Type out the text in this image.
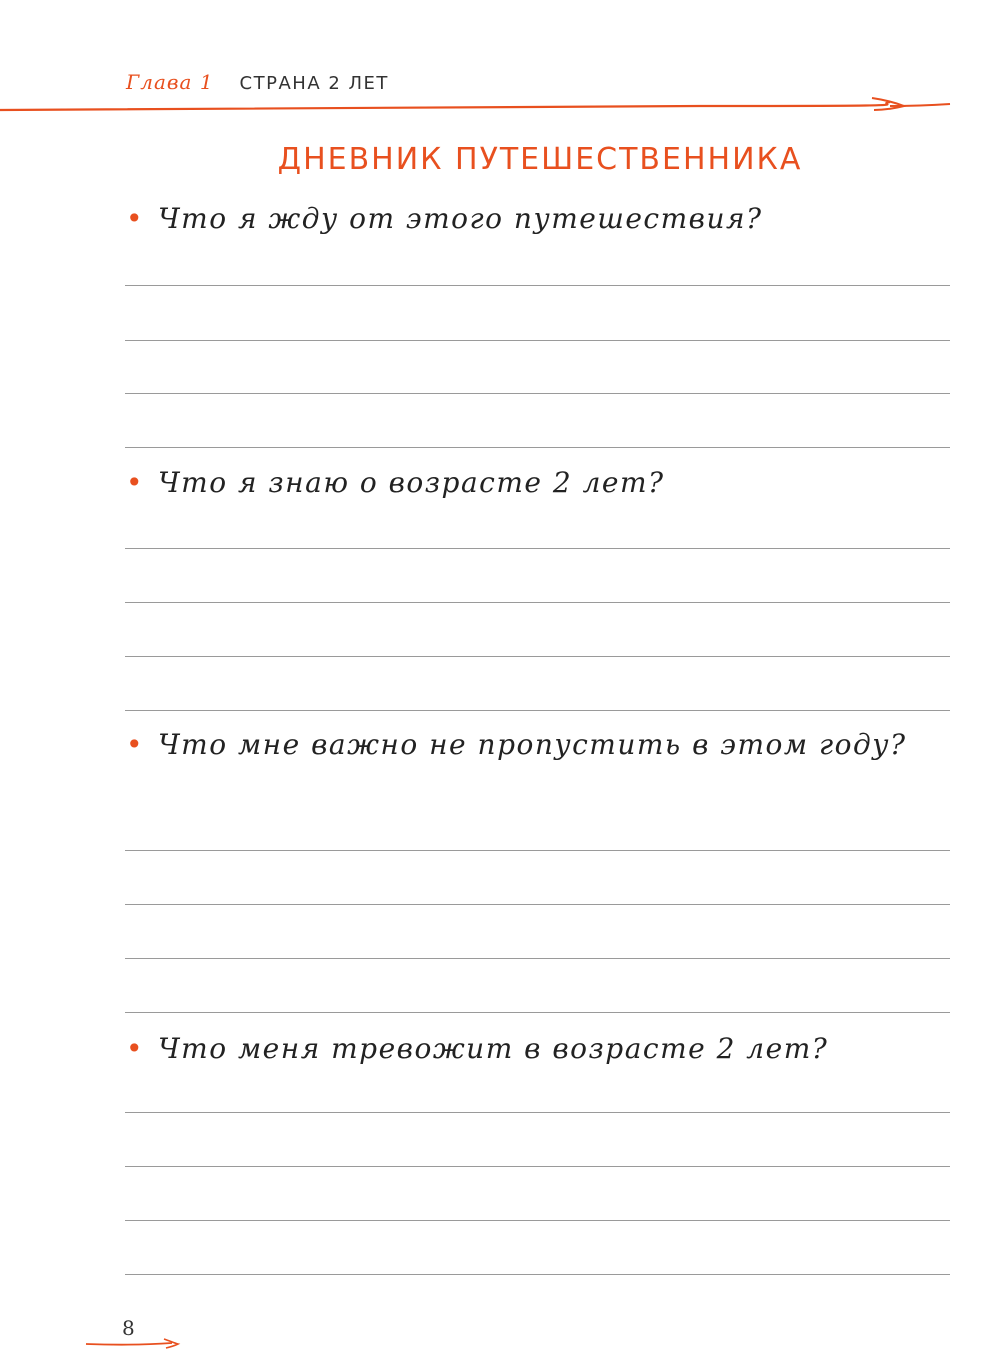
Глава 1 СТРАНА 2 ЛЕТ
ДНЕВНИК ПУТЕШЕСТВЕННИКА
• Что я жду от этого путешествия?
• Что я знаю о возрасте 2 лет?
• Что мне важно не пропустить в этом году?
• Что меня тревожит в возрасте 2 лет?
8
